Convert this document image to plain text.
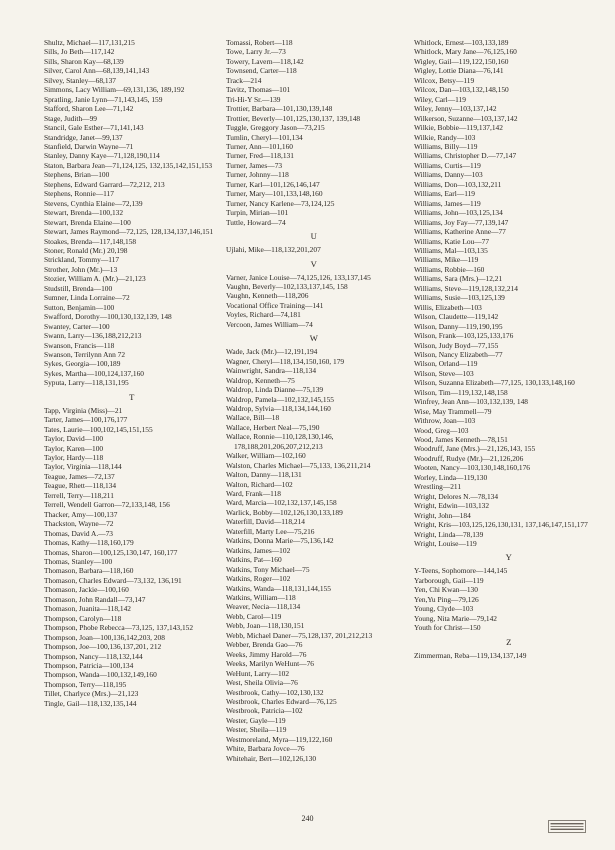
Shultz, Michael—117,131,215
Sills, Jo Beth—117,142
Sills, Sharon Kay—68,139
Silver, Carol Ann—68,139,141,143
Silvey, Stanley—68,137
Simmons, Lacy William—69,131,136, 189,192
Spratling, Janie Lynn—71,143,145, 159
Stafford, Sharon Lee—71,142
Stage, Judith—99
Stancil, Gale Esther—71,141,143
Standridge, Janet—99,137
Stanfield, Darwin Wayne—71
Stanley, Danny Kaye—71,128,190,114
Staton, Barbara Jean—71,124,125, 132,135,142,151,153
Stephens, Brian—100
Stephens, Edward Garrard—72,212, 213
Stephens, Ronnie—117
Stevens, Cynthia Elaine—72,139
Stewart, Brenda—100,132
Stewart, Brenda Elaine—100
Stewart, James Raymond—72,125, 128,134,137,146,151
Stoakes, Brenda—117,148,158
Stoner, Ronald (Mr.) 20,198
Strickland, Tommy—117
Strother, John (Mr.)—13
Stozier, William A. (Mr.)—21,123
Studstill, Brenda—100
Sumner, Linda Lorraine—72
Sutton, Benjamin—100
Swafford, Dorothy—100,130,132,139, 148
Swantey, Carter—100
Swann, Larry—136,188,212,213
Swanson, Francis—118
Swanson, Terrilynn Ann 72
Sykes, Georgia—100,189
Sykes, Martha—100,124,137,160
Syputa, Larry—118,131,195
T
Tapp, Virginia (Miss)—21
Tarter, James—100,176,177
Tates, Laurie—100,102,145,151,155
Taylor, David—100
Taylor, Karen—100
Taylor, Hardy—118
Taylor, Virginia—118,144
Teague, James—72,137
Teague, Rhett—118,134
Terrell, Terry—118,211
Terrell, Wendell Garron—72,133,148, 156
Thacker, Amy—100,137
Thackston, Wayne—72
Thomas, David A.—73
Thomas, Kathy—118,160,179
Thomas, Sharon—100,125,130,147, 160,177
Thomas, Stanley—100
Thomason, Barbara—118,160
Thomason, Charles Edward—73,132, 136,191
Thomason, Jackie—100,160
Thomason, John Randall—73,147
Thomason, Juanita—118,142
Thompson, Carolyn—118
Thompson, Phobe Rebecca—73,125, 137,143,152
Thompson, Joan—100,136,142,203, 208
Thompson, Joe—100,136,137,201, 212
Thompson, Nancy—118,132,144
Thompson, Patricia—100,134
Thompson, Wanda—100,132,149,160
Thompson, Terry—118,195
Tillet, Charlyce (Mrs.)—21,123
Tingle, Gail—118,132,135,144
Tomassi, Robert—118
Towe, Larry Jr.—73
Towery, Lavern—118,142
Townsend, Carter—118
Track—214
Tavitz, Thomas—101
Tri-Hi-Y Sr.—139
Trottier, Barbara—101,130,139,148
Trottier, Beverly—101,125,130,137, 139,148
Tuggle, Greggory Jason—73,215
Tumlin, Cheryl—101,134
Turner, Ann—101,160
Turner, Fred—118,131
Turner, James—73
Turner, Johnny—118
Turner, Karl—101,126,146,147
Turner, Mary—101,133,148,160
Turner, Nancy Karlene—73,124,125
Turpin, Mirian—101
Tuttle, Howard—74
U
Ujlahi, Mike—118,132,201,207
V
Varner, Janice Louise—74,125,126, 133,137,145
Vaughn, Beverly—102,133,137,145, 158
Vaughn, Kenneth—118,206
Vocational Office Training—141
Voyles, Richard—74,181
Vercoon, James William—74
W
Wade, Jack (Mr.)—12,191,194
Wagner, Cheryl—118,134,150,160, 179
Wainwright, Sandra—118,134
Waldrop, Kenneth—75
Waldrop, Linda Dianne—75,139
Waldrop, Pamela—102,132,145,155
Waldrop, Sylvia—118,134,144,160
Wallace, Bill—18
Wallace, Herbert Neal—75,190
Wallace, Ronnie—110,128,130,146, 178,188,201,206,207,212,213
Walker, William—102,160
Walston, Charles Michael—75,133, 136,211,214
Walton, Danny—118,131
Walton, Richard—102
Ward, Frank—118
Ward, Marcia—102,132,137,145,158
Warlick, Bobby—102,126,130,133,189
Waterfill, David—118,214
Waterfill, Marty Lee—75,216
Watkins, Donna Marie—75,136,142
Watkins, James—102
Watkins, Pat—160
Watkins, Tony Michael—75
Watkins, Roger—102
Watkins, Wanda—118,131,144,155
Watkins, William—118
Weaver, Necia—118,134
Webb, Carol—119
Webb, Joan—118,130,151
Webb, Michael Daner—75,128,137, 201,212,213
Webber, Brenda Gao—76
Weeks, Jimmy Harold—76
Weeks, Marilyn WeHunt—76
WeHunt, Larry—102
West, Sheila Olivia—76
Westbrook, Cathy—102,130,132
Westbrook, Charles Edward—76,125
Westbrook, Patricia—102
Wester, Gayle—119
Wester, Sheila—119
Westmoreland, Myra—119,122,160
White, Barbara Jovce—76
Whitehair, Bert—102,126,130
Whitlock, Ernest—103,133,189
Whitlock, Mary Jane—76,125,160
Wigley, Gail—119,122,150,160
Wigley, Lottie Diana—76,141
Wilcox, Betsy—119
Wilcox, Dan—103,132,148,150
Wiley, Carl—119
Wiley, Jenny—103,137,142
Wilkerson, Suzanne—103,137,142
Wilkie, Bobbie—119,137,142
Wilkie, Randy—103
Williams, Billy—119
Williams, Christopher D.—77,147
Williams, Curtis—119
Williams, Danny—103
Williams, Don—103,132,211
Williams, Earl—119
Williams, James—119
Williams, John—103,125,134
Williams, Joy Fay—77,139,147
Williams, Katherine Anne—77
Williams, Katie Lou—77
Williams, Mal—103,135
Williams, Mike—119
Williams, Robbie—160
Williams, Sara (Mrs.)—12,21
Williams, Steve—119,128,132,214
Williams, Susie—103,125,139
Willis, Elizabeth—103
Wilson, Claudette—119,142
Wilson, Danny—119,190,195
Wilson, Frank—103,125,133,176
Wilson, Judy Boyd—77,155
Wilson, Nancy Elizabeth—77
Wilson, Orland—119
Wilson, Steve—103
Wilson, Suzanna Elizabeth—77,125, 130,133,148,160
Wilson, Tim—119,132,148,158
Winfrey, Jean Ann—103,132,139, 148
Wise, May Trammell—79
Withrow, Joan—103
Wood, Greg—103
Wood, James Kenneth—78,151
Woodruff, Jane (Mrs.)—21,126,143, 155
Woodruff, Rudye (Mr.)—21,126,206
Wooten, Nancy—103,130,148,160,176
Worley, Linda—119,130
Wrestling—211
Wright, Delores N.—78,134
Wright, Edwin—103,132
Wright, John—184
Wright, Kris—103,125,126,130,131, 137,146,147,151,177
Wright, Linda—78,139
Wright, Louise—119
Y
Y-Teens, Sophomore—144,145
Yarborough, Gail—119
Yen, Chi Kwan—130
Yen,Yu Ping—79,126
Young, Clyde—103
Young, Nita Marie—79,142
Youth for Christ—150
Z
Zimmerman, Reba—119,134,137,149
240
